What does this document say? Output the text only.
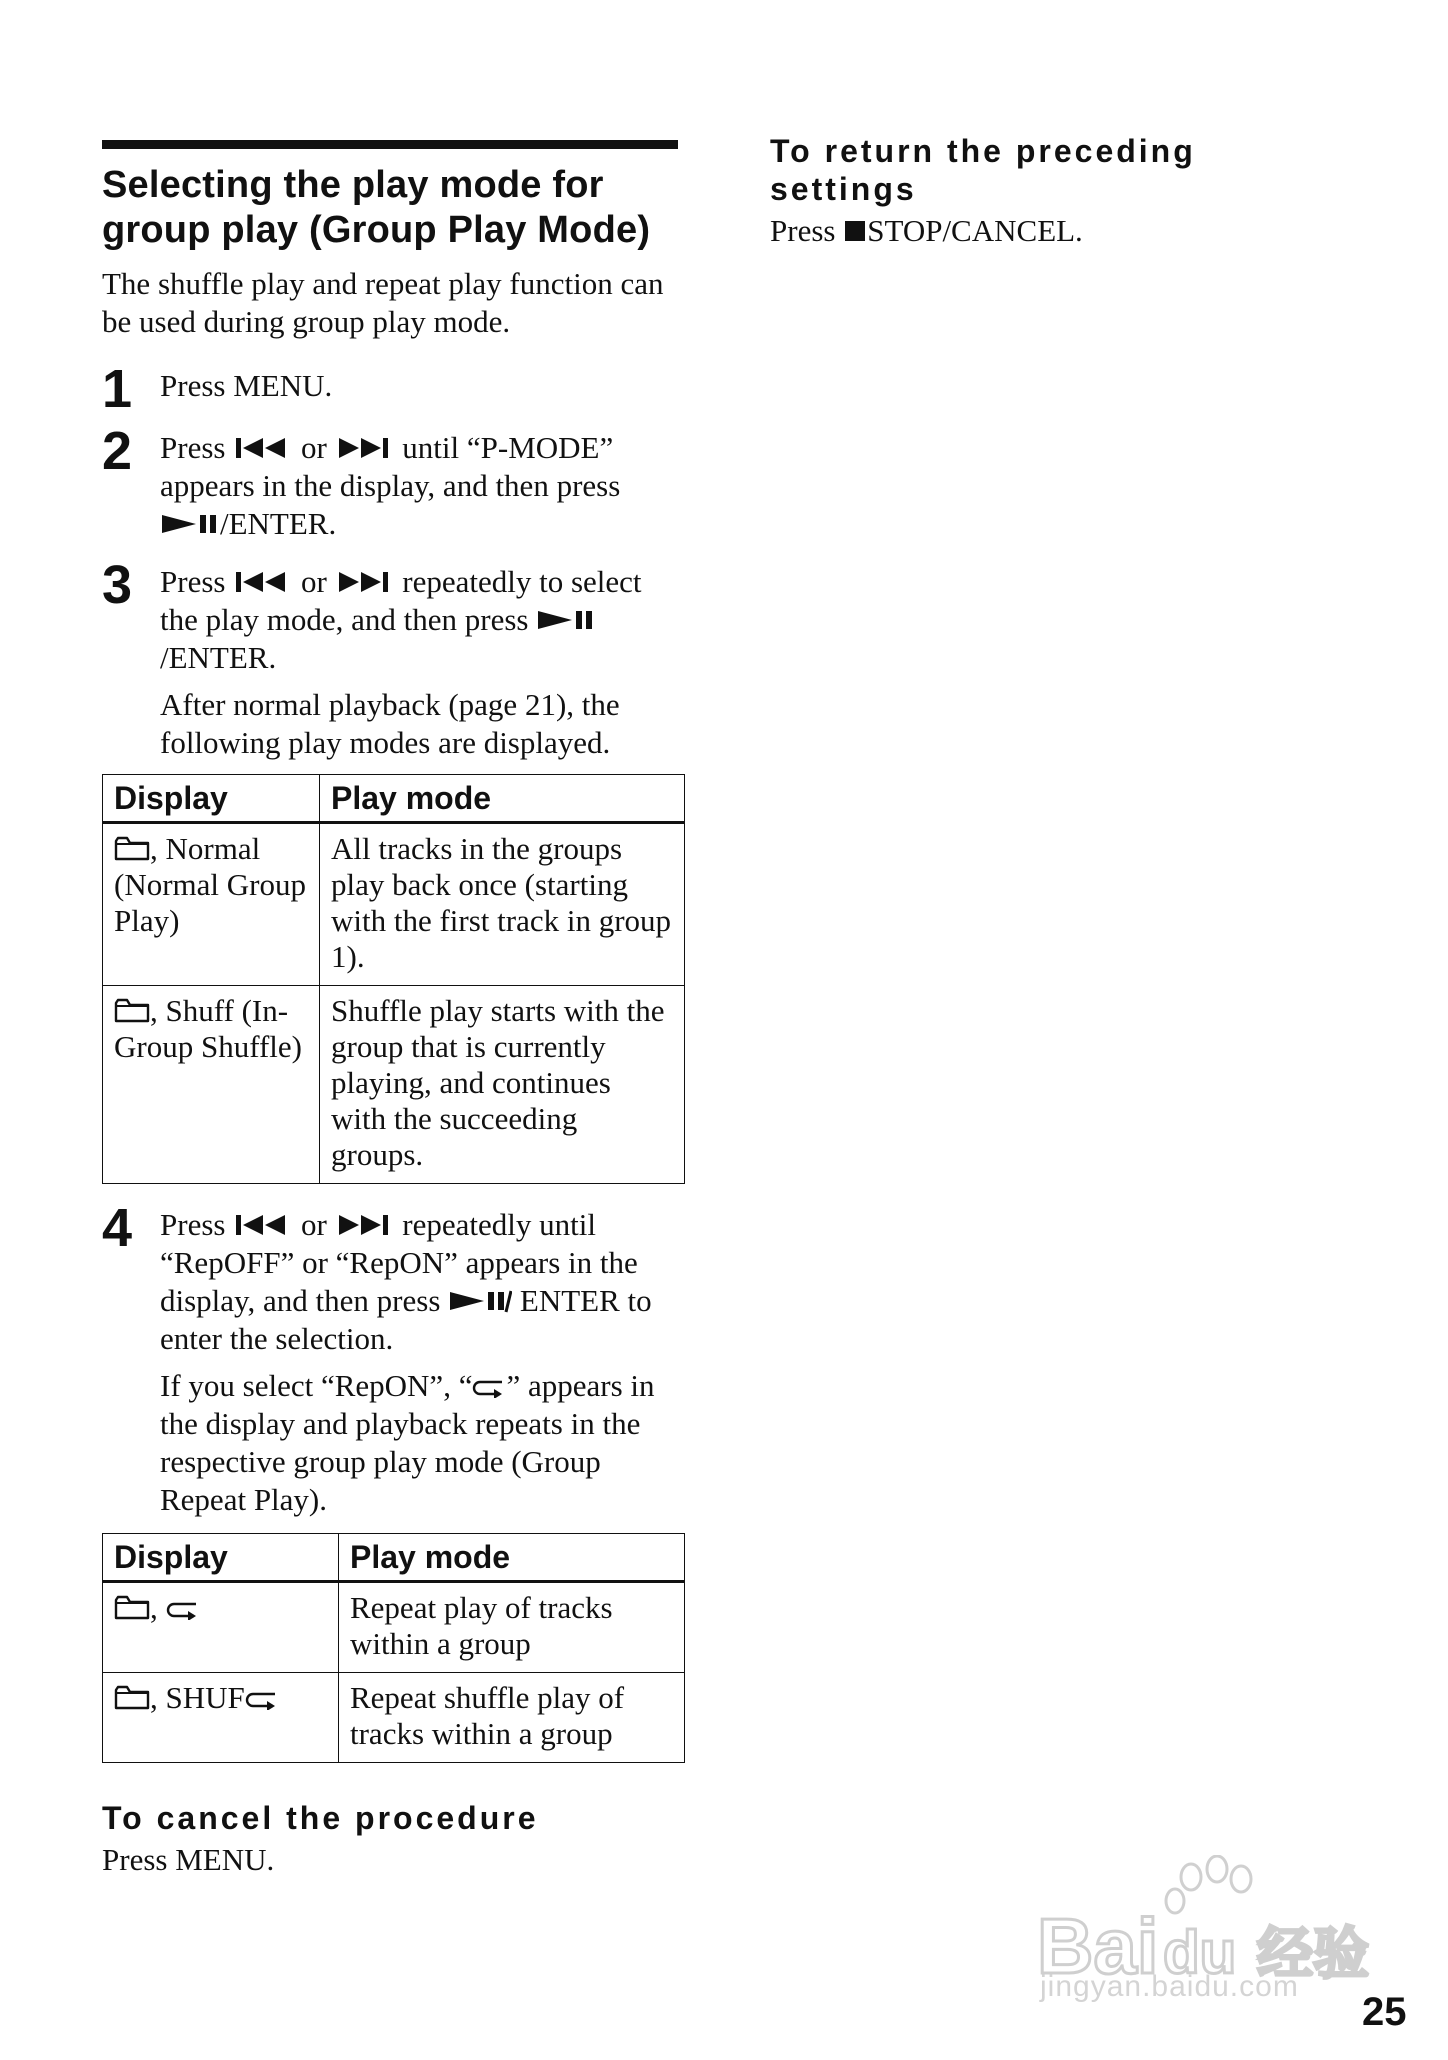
Selecting the play mode for
group play (Group Play Mode)
The shuffle play and repeat play function can be used during group play mode.
1 Press MENU.

2 Press or until “P-MODE” appears in the display, and then press /ENTER.

3 Press or repeatedly to select the play mode, and then press /ENTER.

After normal playback (page 21), the following play modes are displayed.

Display	Play mode
, Normal (Normal Group Play)	All tracks in the groups play back once (starting with the first track in group 1).
, Shuff (In-Group Shuffle)	Shuffle play starts with the group that is currently playing, and continues with the succeeding groups.
4 Press or repeatedly until “RepOFF” or “RepON” appears in the display, and then press	ENTER to enter the selection.

If you select “RepON”, “ ” appears in the display and playback repeats in the respective group play mode (Group Repeat Play).

Display	Play mode
,	Repeat play of tracks within a group
, SHUF	Repeat shuffle play of tracks within a group
To cancel the procedure
Press MENU.
To return the preceding
settings
Press STOP/CANCEL.
Bai du 经验
jingyan.baidu.com
25
